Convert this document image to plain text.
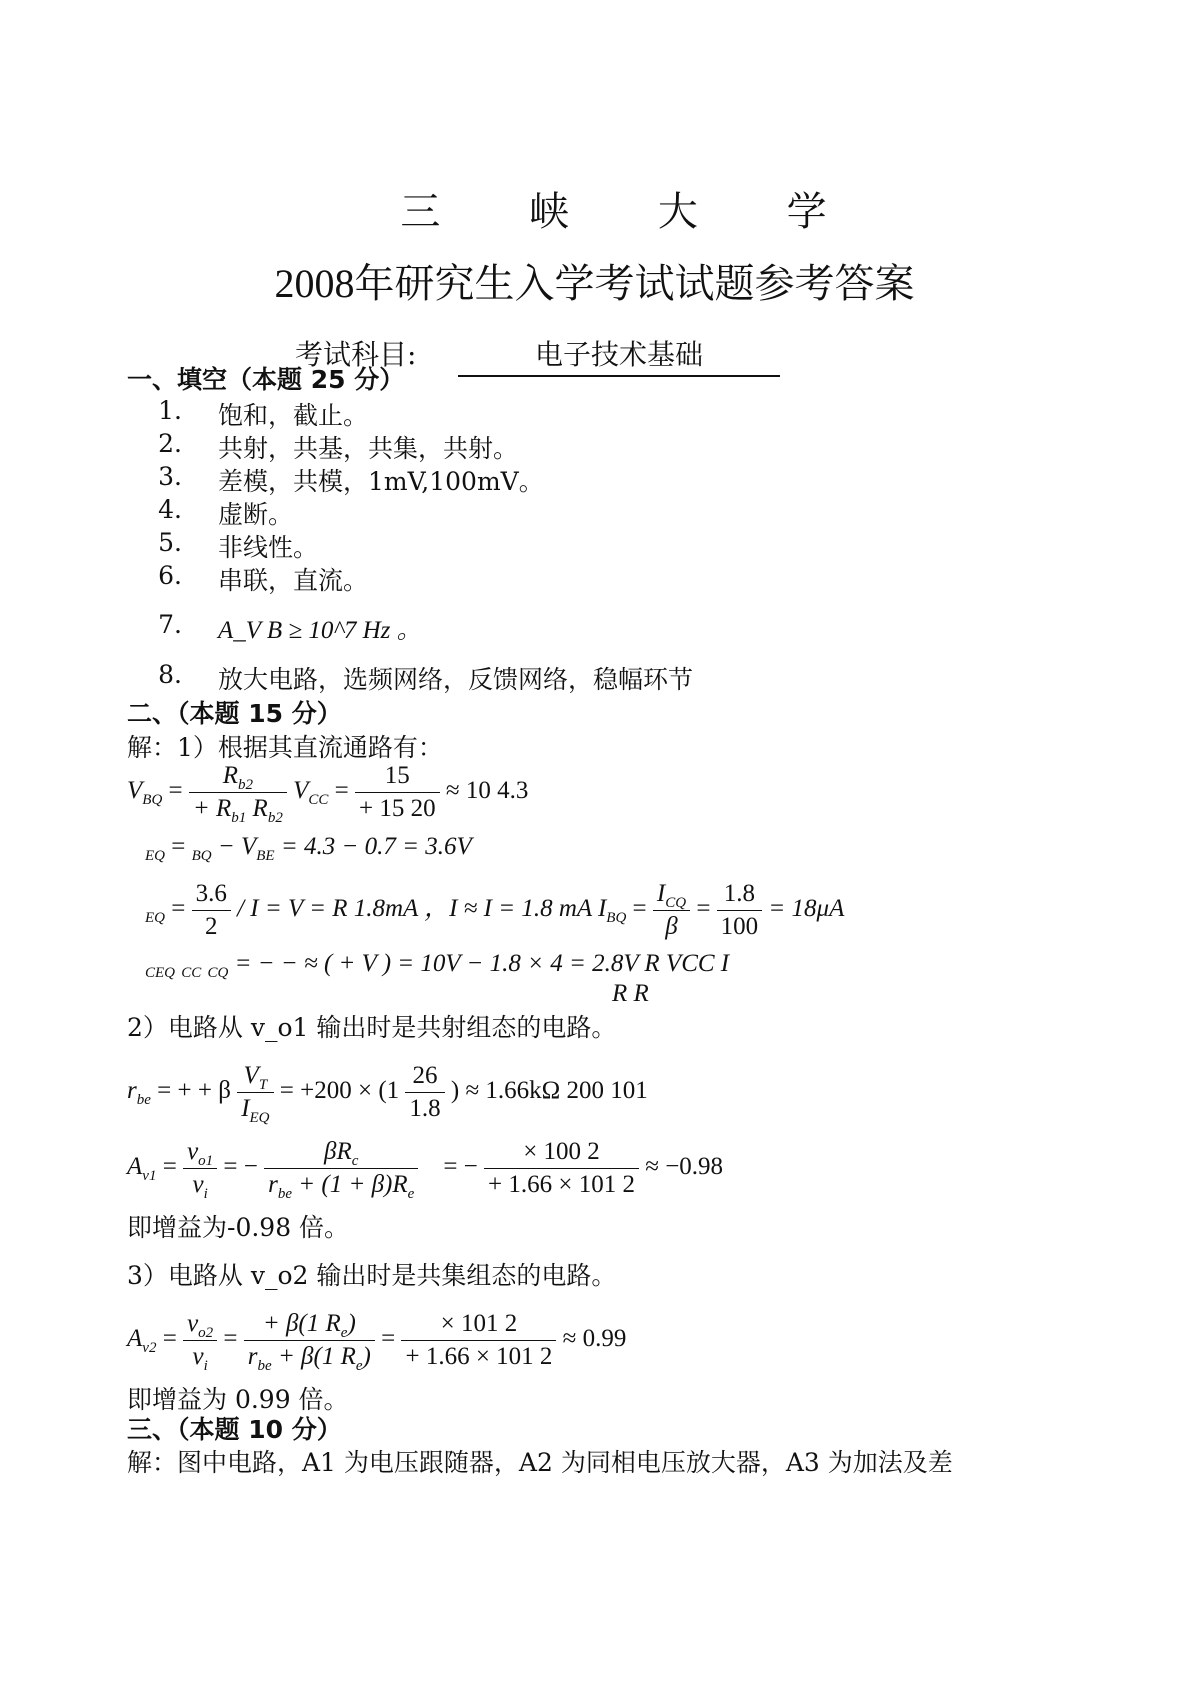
三 峡 大 学
2008年研究生入学考试试题参考答案
考试科目:	电子技术基础
一、填空（本题 25 分）
1. 饱和，截止。
2. 共射，共基，共集，共射。
3. 差模，共模，1mV,100mV。
4. 虚断。
5. 非线性。
6. 串联，直流。
7. A_V B ≥ 10^7 Hz 。
8. 放大电路，选频网络，反馈网络，稳幅环节
二、（本题 15 分）
解：1）根据其直流通路有：
$V_{BQ} = \frac{R_{b2}}{+ R_{b1} R_{b2}} V_{CC} = \frac{15}{+ 15 20} \approx 10$ 4.3
$_{EQ} = _{BQ} - V_{BE} = 4.3 - 0.7 = 3.6V$
$_{EQ} = \frac{3.6}{2} / I = V = R$ 1.8mA ，I ≈ I = 1.8 mA $I_{BQ} = \frac{I_{CQ}}{\beta} = \frac{1.8}{100} = 18\mu A$
$_{CEQ}$ $_{CC}$ $_{CQ}$ = − − ≈ ( + V ) = 10V − 1.8 × 4 = 2.8V R VCC I
R R
2）电路从 v_o1 输出时是共射组态的电路。
$r_{be}$ = + + β $\frac{V_T}{I_{EQ}} = +200 \times (1 \frac{26}{1.8}$ ) ≈ 1.66kΩ 200 101
$A_{v1} = \frac{v_{o1}}{v_i}$ = − $\frac{\beta R_c}{r_{be} + (1 + \beta)R_e}$ = − $\frac{\times 100 2}{+ 1.66 \times 101 2} \approx -0.98$
即增益为-0.98 倍。
3）电路从 v_o2 输出时是共集组态的电路。
$A_{v2} = \frac{v_{o2}}{v_i} = \frac{+ \beta(1 R_e)}{r_{be} + \beta(1 R_e)} = \frac{\times 101 2}{+ 1.66 \times 101 2} \approx 0.99$
即增益为 0.99 倍。
三、（本题 10 分）
解：图中电路，A1 为电压跟随器，A2 为同相电压放大器，A3 为加法及差
